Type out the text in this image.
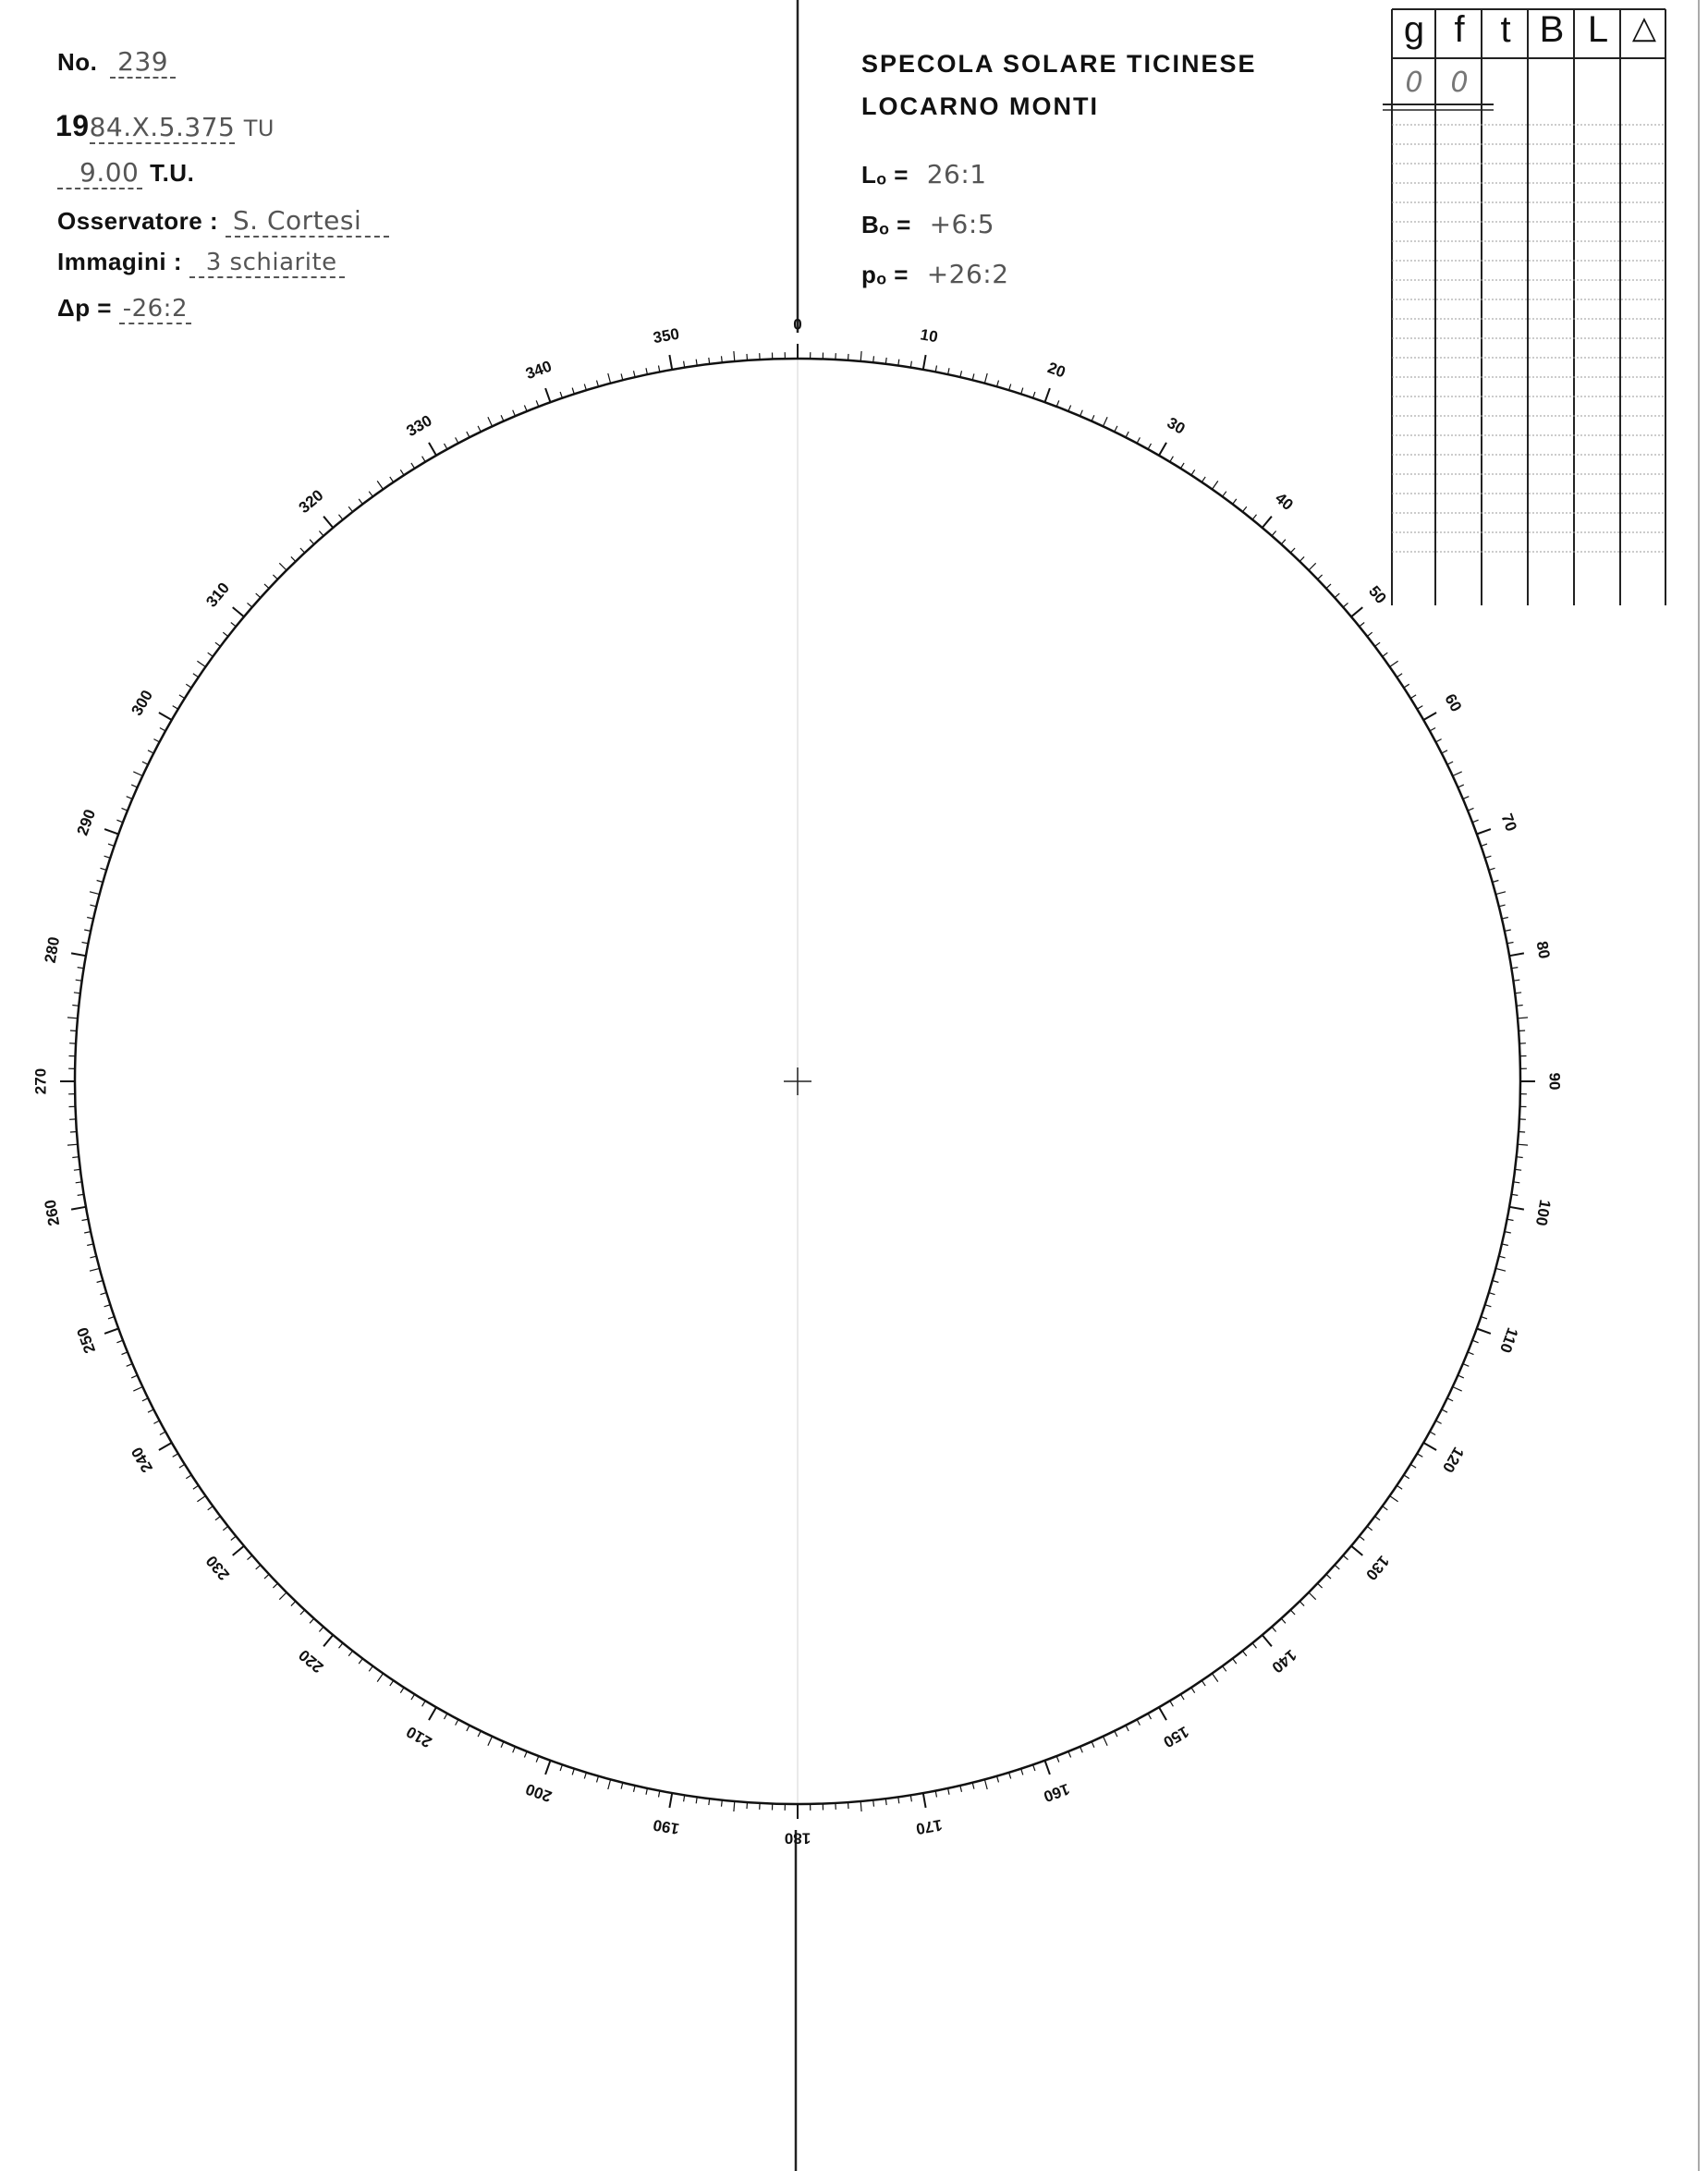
No. 239
1984.X.5.375 TU
9.00 T.U.
Osservatore : S. Cortesi
Immagini : 3 schiarite
Δp = -26:2
SPECOLA SOLARE TICINESE
LOCARNO MONTI
Lₒ = 26:1
Bₒ = +6:5
pₒ = +26:2
g f t B L △
0 0
0
10
20
30
40
50
60
70
80
90
100
110
120
130
140
150
160
170
180
190
200
210
220
230
240
250
260
270
280
290
300
310
320
330
340
350
